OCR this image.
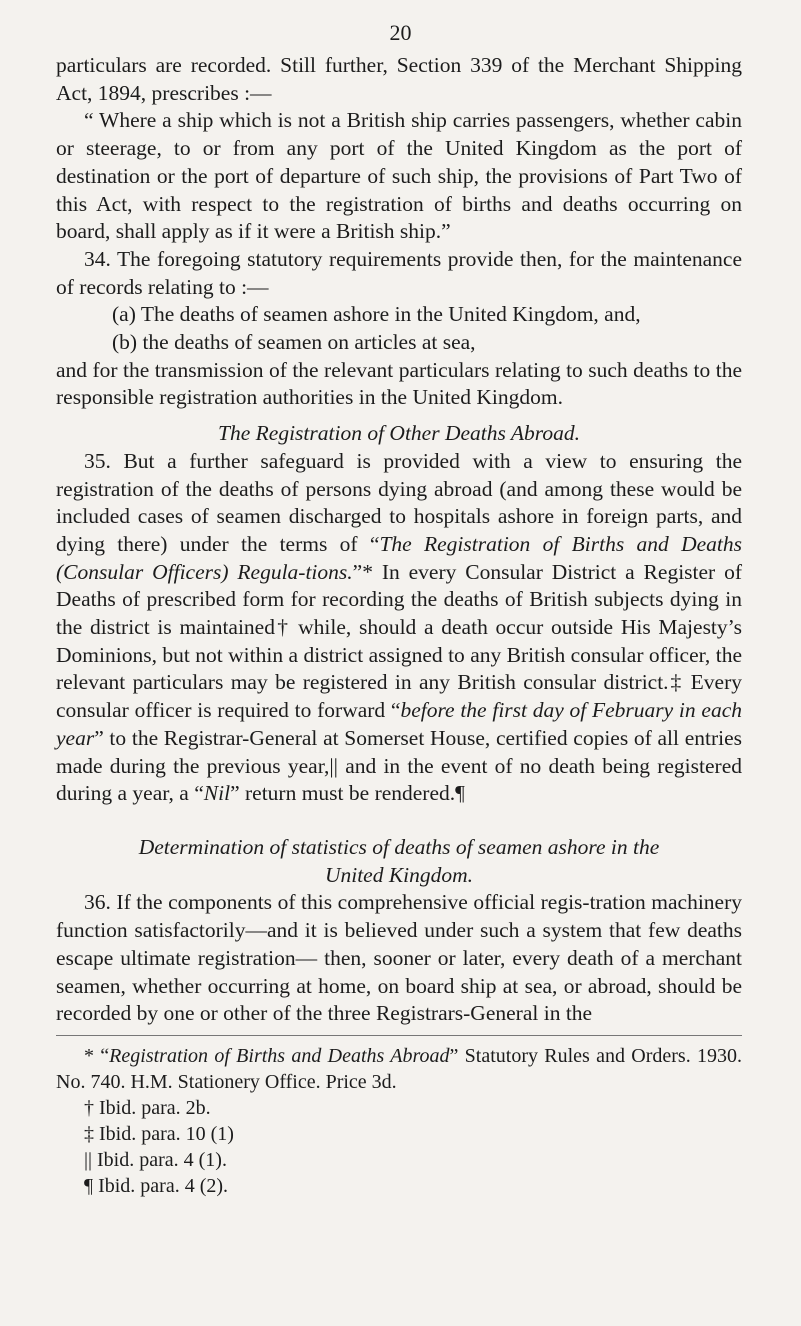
20

particulars are recorded. Still further, Section 339 of the Merchant Shipping Act, 1894, prescribes :—

“ Where a ship which is not a British ship carries passengers, whether cabin or steerage, to or from any port of the United Kingdom as the port of destination or the port of departure of such ship, the provisions of Part Two of this Act, with respect to the registration of births and deaths occurring on board, shall apply as if it were a British ship.”

34. The foregoing statutory requirements provide then, for the maintenance of records relating to :—

(a) The deaths of seamen ashore in the United Kingdom, and,

(b) the deaths of seamen on articles at sea,

and for the transmission of the relevant particulars relating to such deaths to the responsible registration authorities in the United Kingdom.

The Registration of Other Deaths Abroad.

35. But a further safeguard is provided with a view to ensuring the registration of the deaths of persons dying abroad (and among these would be included cases of seamen discharged to hospitals ashore in foreign parts, and dying there) under the terms of “The Registration of Births and Deaths (Consular Officers) Regula-tions.”* In every Consular District a Register of Deaths of prescribed form for recording the deaths of British subjects dying in the district is maintained† while, should a death occur outside His Majesty’s Dominions, but not within a district assigned to any British consular officer, the relevant particulars may be registered in any British consular district.‡ Every consular officer is required to forward “before the first day of February in each year” to the Registrar-General at Somerset House, certified copies of all entries made during the previous year,|| and in the event of no death being registered during a year, a “Nil” return must be rendered.¶

Determination of statistics of deaths of seamen ashore in the
United Kingdom.

36. If the components of this comprehensive official regis-tration machinery function satisfactorily—and it is believed under such a system that few deaths escape ultimate registration— then, sooner or later, every death of a merchant seamen, whether occurring at home, on board ship at sea, or abroad, should be recorded by one or other of the three Registrars-General in the

* “Registration of Births and Deaths Abroad” Statutory Rules and Orders. 1930. No. 740. H.M. Stationery Office. Price 3d.

† Ibid. para. 2b.

‡ Ibid. para. 10 (1)

|| Ibid. para. 4 (1).

¶ Ibid. para. 4 (2).
